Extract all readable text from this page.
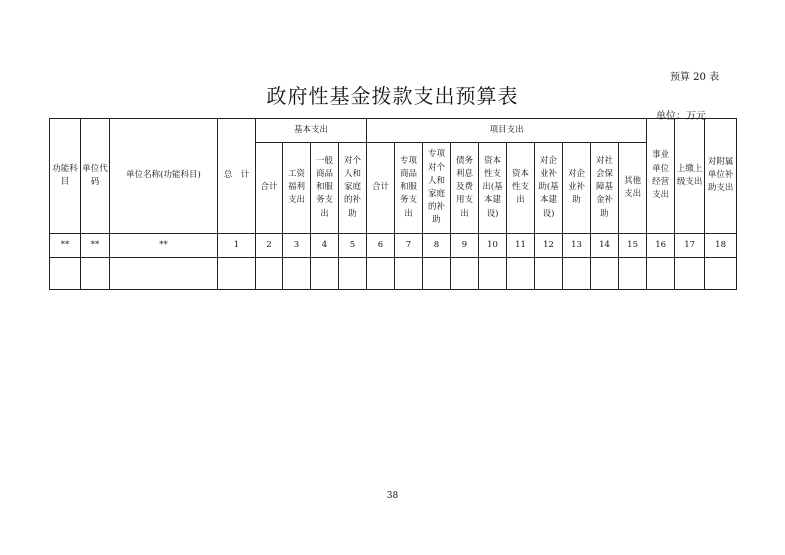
预算 20 表
政府性基金拨款支出预算表
单位：万元
功能科目	单位代码	单位名称(功能科目)	总　计	基本支出				项目支出										事业单位经营支出	上缴上级支出	对附属单位补助支出
				合计	工资福利支出	一般商品和服务支出	对个人和家庭的补助	合计	专项商品和服务支出	专项对个人和家庭的补助	债务利息及费用支出	资本性支出(基本建设)	资本性支出	对企业补助(基本建设)	对企业补助	对社会保障基金补助	其他支出			
**	**	**	1	2	3	4	5	6	7	8	9	10	11	12	13	14	15	16	17	18

38
